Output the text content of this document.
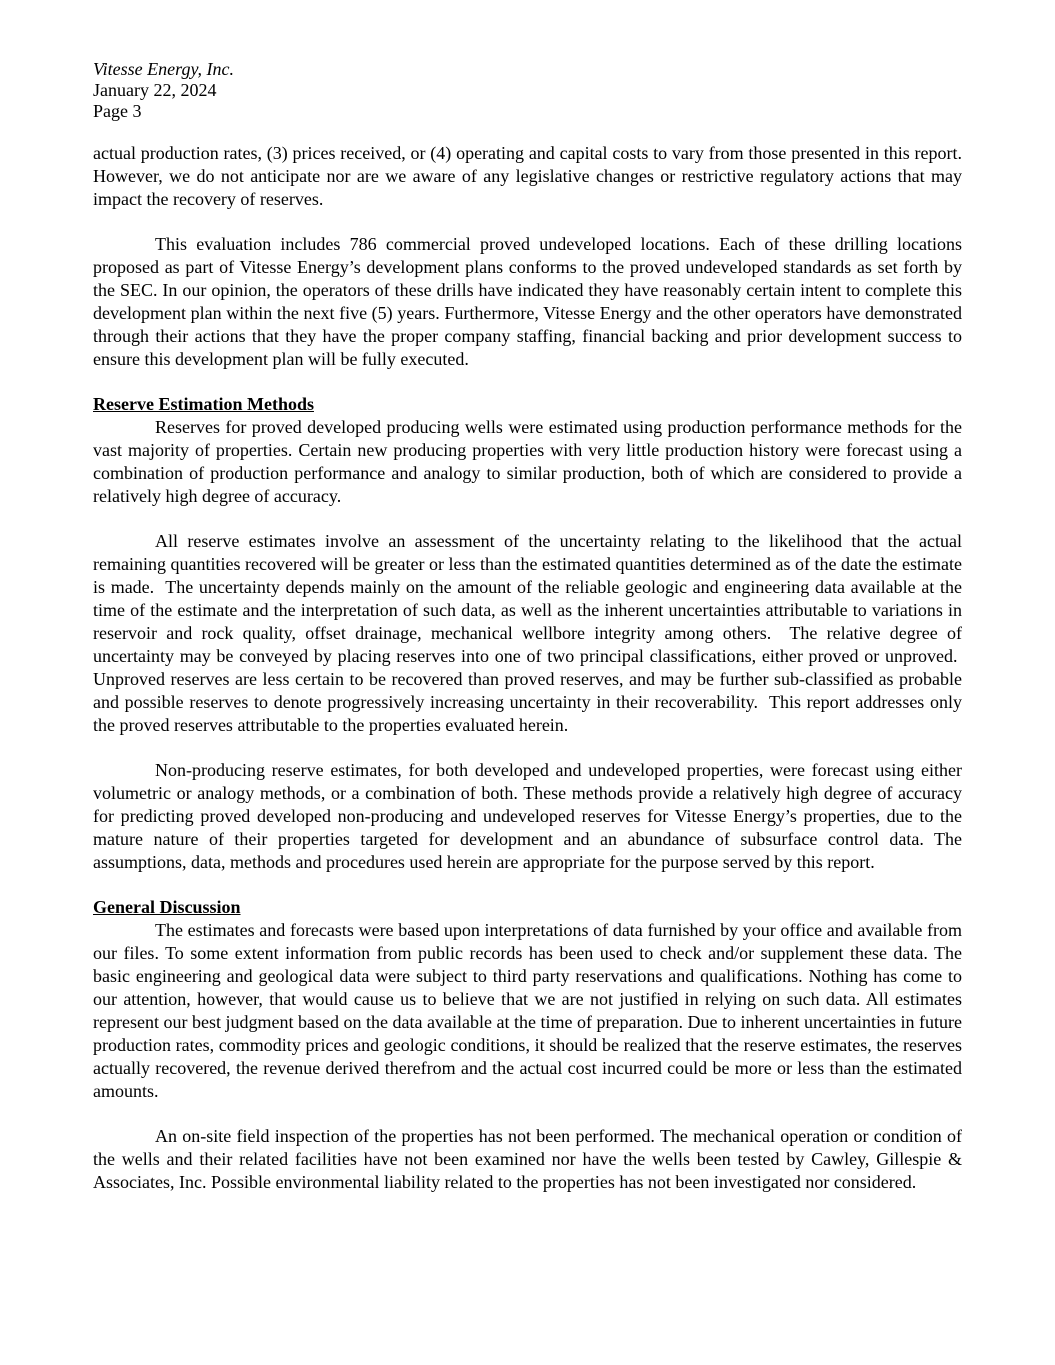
Vitesse Energy, Inc.
January 22, 2024
Page 3

actual production rates, (3) prices received, or (4) operating and capital costs to vary from those presented in this report. However, we do not anticipate nor are we aware of any legislative changes or restrictive regulatory actions that may impact the recovery of reserves.

This evaluation includes 786 commercial proved undeveloped locations. Each of these drilling locations proposed as part of Vitesse Energy’s development plans conforms to the proved undeveloped standards as set forth by the SEC. In our opinion, the operators of these drills have indicated they have reasonably certain intent to complete this development plan within the next five (5) years. Furthermore, Vitesse Energy and the other operators have demonstrated through their actions that they have the proper company staffing, financial backing and prior development success to ensure this development plan will be fully executed.

Reserve Estimation Methods

Reserves for proved developed producing wells were estimated using production performance methods for the vast majority of properties. Certain new producing properties with very little production history were forecast using a combination of production performance and analogy to similar production, both of which are considered to provide a relatively high degree of accuracy.

All reserve estimates involve an assessment of the uncertainty relating to the likelihood that the actual remaining quantities recovered will be greater or less than the estimated quantities determined as of the date the estimate is made.  The uncertainty depends mainly on the amount of the reliable geologic and engineering data available at the time of the estimate and the interpretation of such data, as well as the inherent uncertainties attributable to variations in reservoir and rock quality, offset drainage, mechanical wellbore integrity among others.  The relative degree of uncertainty may be conveyed by placing reserves into one of two principal classifications, either proved or unproved.  Unproved reserves are less certain to be recovered than proved reserves, and may be further sub-classified as probable and possible reserves to denote progressively increasing uncertainty in their recoverability.  This report addresses only the proved reserves attributable to the properties evaluated herein.

Non-producing reserve estimates, for both developed and undeveloped properties, were forecast using either volumetric or analogy methods, or a combination of both. These methods provide a relatively high degree of accuracy for predicting proved developed non-producing and undeveloped reserves for Vitesse Energy’s properties, due to the mature nature of their properties targeted for development and an abundance of subsurface control data. The assumptions, data, methods and procedures used herein are appropriate for the purpose served by this report.

General Discussion

The estimates and forecasts were based upon interpretations of data furnished by your office and available from our files. To some extent information from public records has been used to check and/or supplement these data. The basic engineering and geological data were subject to third party reservations and qualifications. Nothing has come to our attention, however, that would cause us to believe that we are not justified in relying on such data. All estimates represent our best judgment based on the data available at the time of preparation. Due to inherent uncertainties in future production rates, commodity prices and geologic conditions, it should be realized that the reserve estimates, the reserves actually recovered, the revenue derived therefrom and the actual cost incurred could be more or less than the estimated amounts.

An on-site field inspection of the properties has not been performed. The mechanical operation or condition of the wells and their related facilities have not been examined nor have the wells been tested by Cawley, Gillespie & Associates, Inc. Possible environmental liability related to the properties has not been investigated nor considered.
